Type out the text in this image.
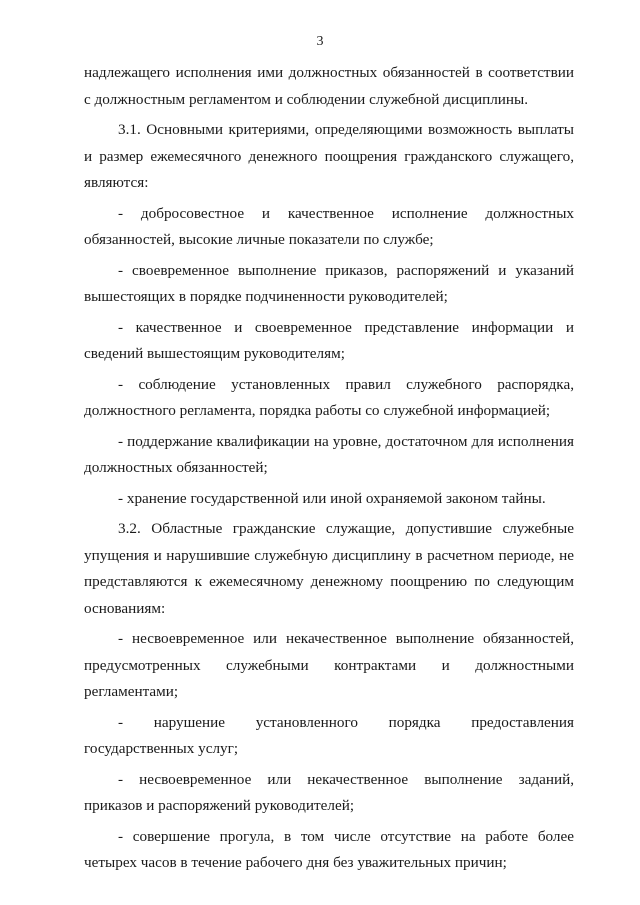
3

надлежащего исполнения ими должностных обязанностей в соответствии с должностным регламентом и соблюдении служебной дисциплины.

3.1. Основными критериями, определяющими возможность выплаты и размер ежемесячного денежного поощрения гражданского служащего, являются:

- добросовестное и качественное исполнение должностных обязанностей, высокие личные показатели по службе;

- своевременное выполнение приказов, распоряжений и указаний вышестоящих в порядке подчиненности руководителей;

- качественное и своевременное представление информации и сведений вышестоящим руководителям;

- соблюдение установленных правил служебного распорядка, должностного регламента, порядка работы со служебной информацией;

- поддержание квалификации на уровне, достаточном для исполнения должностных обязанностей;

- хранение государственной или иной охраняемой законом тайны.

3.2. Областные гражданские служащие, допустившие служебные упущения и нарушившие служебную дисциплину в расчетном периоде, не представляются к ежемесячному денежному поощрению по следующим основаниям:

- несвоевременное или некачественное выполнение обязанностей, предусмотренных служебными контрактами и должностными регламентами;

- нарушение установленного порядка предоставления государственных услуг;

- несвоевременное или некачественное выполнение заданий, приказов и распоряжений руководителей;

- совершение прогула, в том числе отсутствие на работе более четырех часов в течение рабочего дня без уважительных причин;
